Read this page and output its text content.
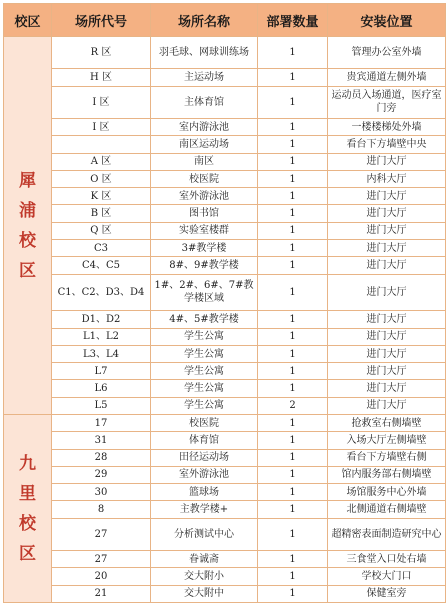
校区	场所代号	场所名称	部署数量	安装位置

犀
浦
校
区	R 区	羽毛球、网球训练场	1	管理办公室外墙
	H 区	主运动场	1	贵宾通道左侧外墙
	I 区	主体育馆	1	运动员入场通道，医疗室门旁
	I 区	室内游泳池	1	一楼楼梯处外墙
		南区运动场	1	看台下方墙壁中央
	A 区	南区	1	进门大厅
	O 区	校医院	1	内科大厅
	K 区	室外游泳池	1	进门大厅
	B 区	图书馆	1	进门大厅
	Q 区	实验室楼群	1	进门大厅
	C3	3#教学楼	1	进门大厅
	C4、C5	8#、9#教学楼	1	进门大厅
	C1、C2、D3、D4	1#、2#、6#、7#教学楼区域	1	进门大厅
	D1、D2	4#、5#教学楼	1	进门大厅
	L1、L2	学生公寓	1	进门大厅
	L3、L4	学生公寓	1	进门大厅
	L7	学生公寓	1	进门大厅
	L6	学生公寓	1	进门大厅
	L5	学生公寓	2	进门大厅

九
里
校
区	17	校医院	1	抢救室右侧墙壁
	31	体育馆	1	入场大厅左侧墙壁
	28	田径运动场	1	看台下方墙壁右侧
	29	室外游泳池	1	馆内服务部右侧墙壁
	30	篮球场	1	场馆服务中心外墙
	8	主教学楼+	1	北侧通道右侧墙壁
	27	分析测试中心	1	超精密表面制造研究中心
	27	眷诚斋	1	三食堂入口处右墙
	20	交大附小	1	学校大门口
	21	交大附中	1	保健室旁
